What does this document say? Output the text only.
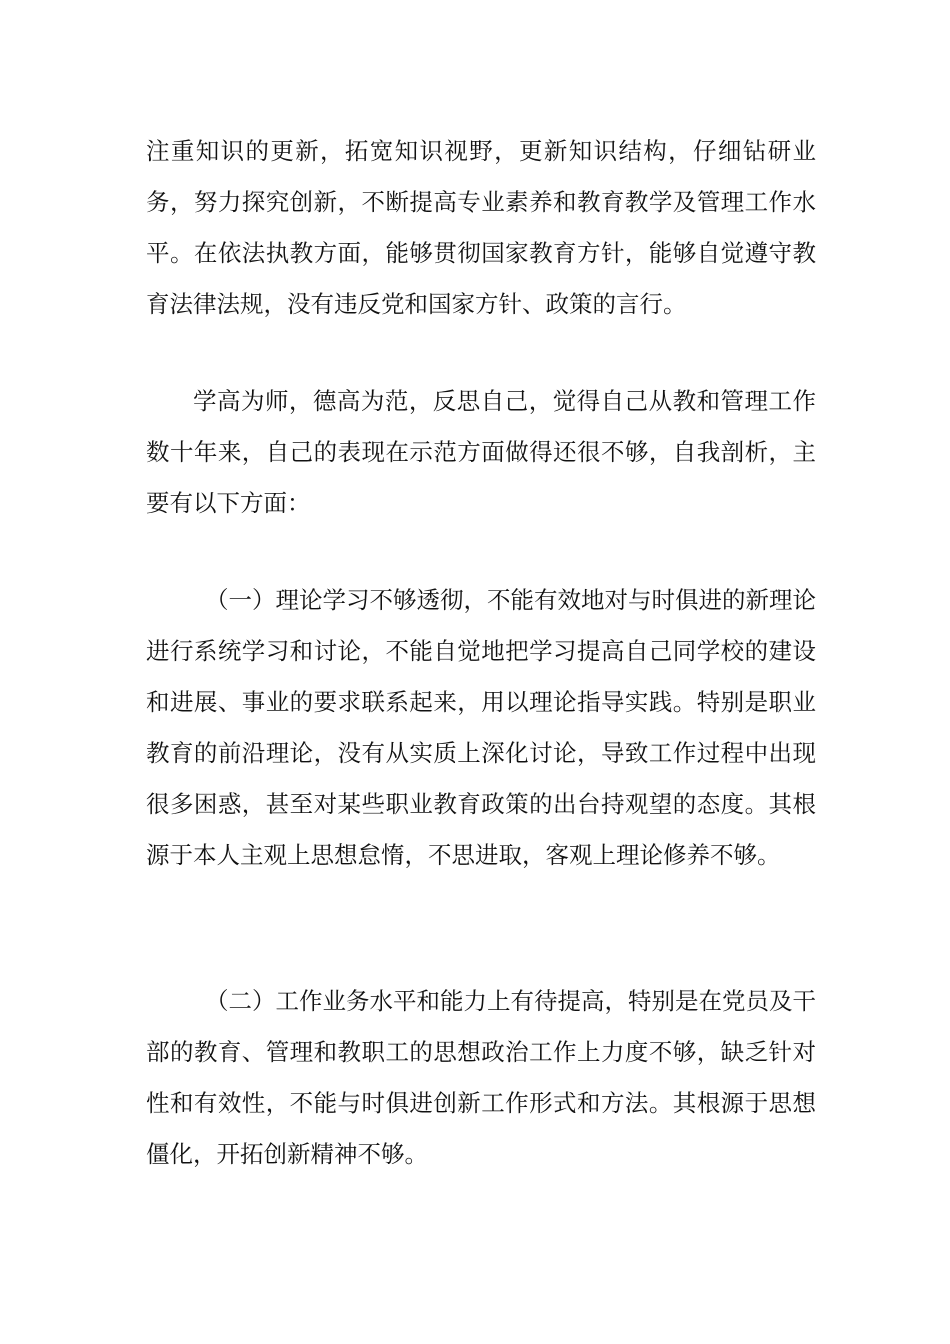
注重知识的更新，拓宽知识视野，更新知识结构，仔细钻研业务，努力探究创新，不断提高专业素养和教育教学及管理工作水平。在依法执教方面，能够贯彻国家教育方针，能够自觉遵守教育法律法规，没有违反党和国家方针、政策的言行。

学高为师，德高为范，反思自己，觉得自己从教和管理工作数十年来，自己的表现在示范方面做得还很不够，自我剖析，主要有以下方面：

（一）理论学习不够透彻，不能有效地对与时俱进的新理论进行系统学习和讨论，不能自觉地把学习提高自己同学校的建设和进展、事业的要求联系起来，用以理论指导实践。特别是职业教育的前沿理论，没有从实质上深化讨论，导致工作过程中出现很多困惑，甚至对某些职业教育政策的出台持观望的态度。其根源于本人主观上思想怠惰，不思进取，客观上理论修养不够。

（二）工作业务水平和能力上有待提高，特别是在党员及干部的教育、管理和教职工的思想政治工作上力度不够，缺乏针对性和有效性，不能与时俱进创新工作形式和方法。其根源于思想僵化，开拓创新精神不够。
